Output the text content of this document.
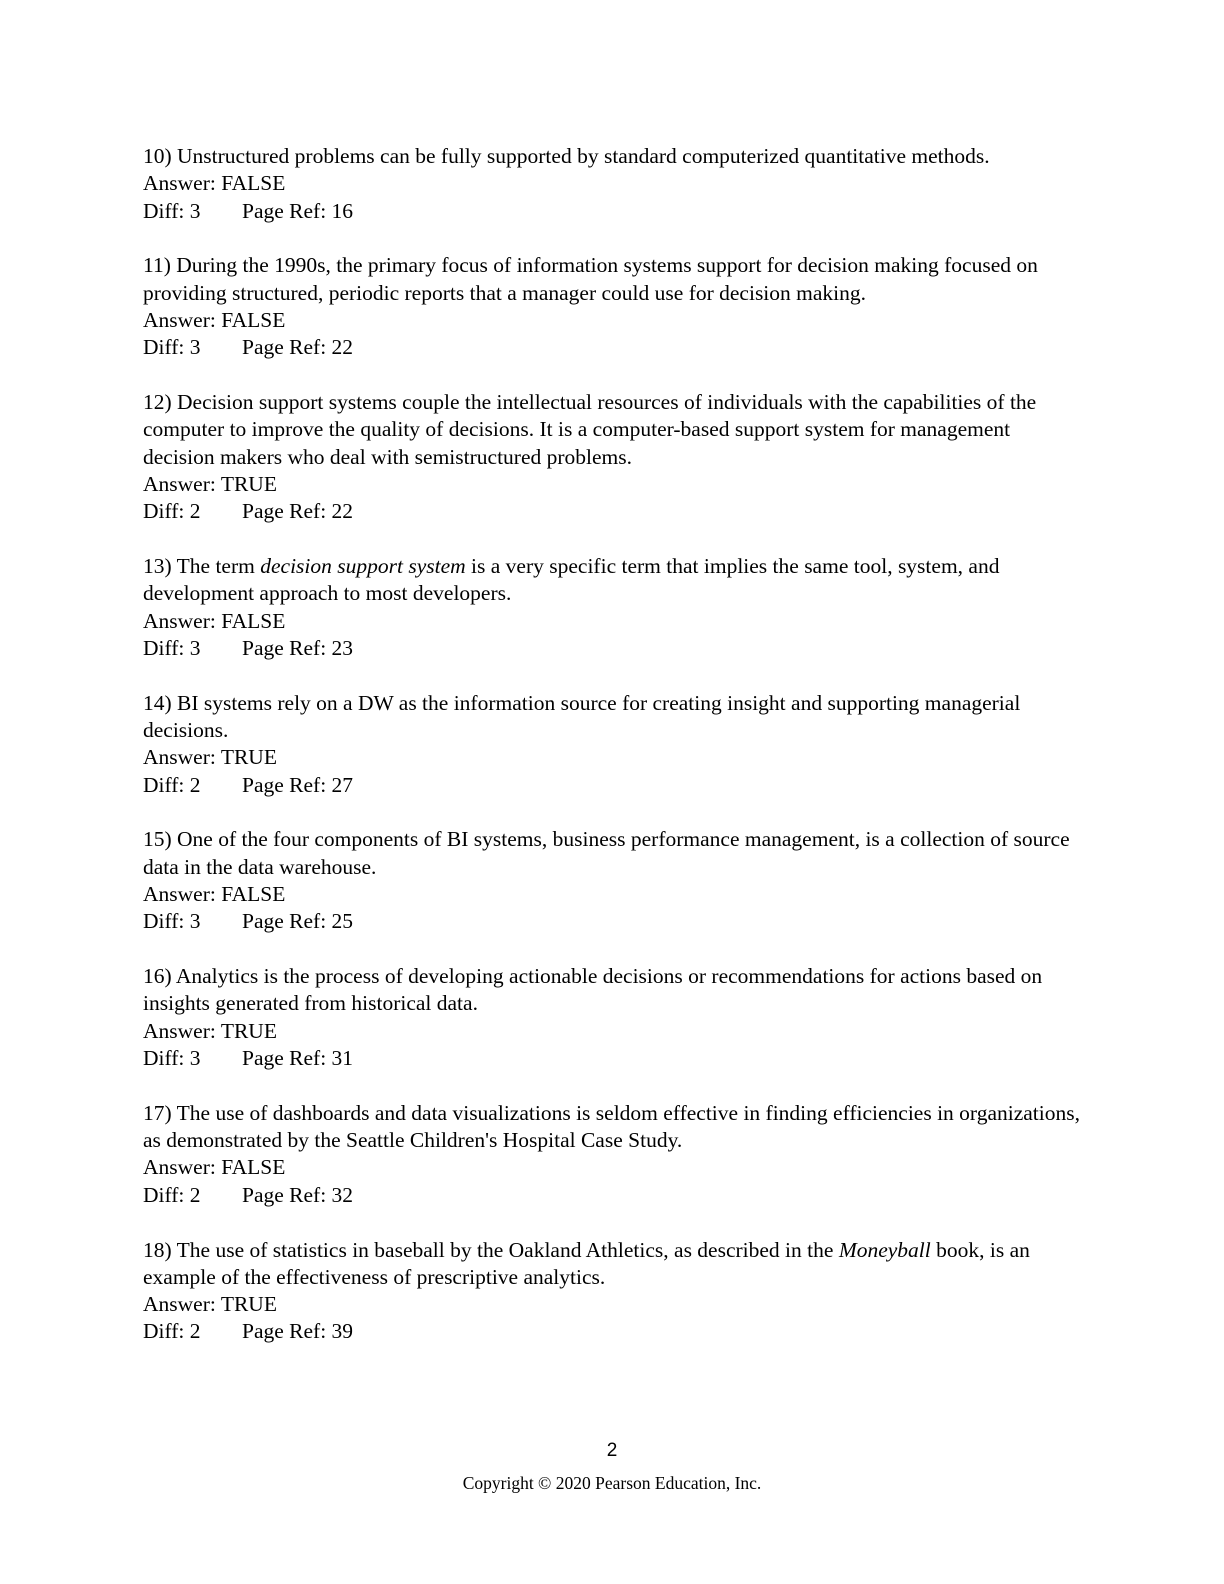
10) Unstructured problems can be fully supported by standard computerized quantitative methods.

Answer: FALSE

Diff: 3 Page Ref: 16

11) During the 1990s, the primary focus of information systems support for decision making focused on providing structured, periodic reports that a manager could use for decision making.

Answer: FALSE

Diff: 3 Page Ref: 22

12) Decision support systems couple the intellectual resources of individuals with the capabilities of the computer to improve the quality of decisions. It is a computer-based support system for management decision makers who deal with semistructured problems.

Answer: TRUE

Diff: 2 Page Ref: 22

13) The term decision support system is a very specific term that implies the same tool, system, and development approach to most developers.

Answer: FALSE

Diff: 3 Page Ref: 23

14) BI systems rely on a DW as the information source for creating insight and supporting managerial decisions.

Answer: TRUE

Diff: 2 Page Ref: 27

15) One of the four components of BI systems, business performance management, is a collection of source data in the data warehouse.

Answer: FALSE

Diff: 3 Page Ref: 25

16) Analytics is the process of developing actionable decisions or recommendations for actions based on insights generated from historical data.

Answer: TRUE

Diff: 3 Page Ref: 31

17) The use of dashboards and data visualizations is seldom effective in finding efficiencies in organizations, as demonstrated by the Seattle Children's Hospital Case Study.

Answer: FALSE

Diff: 2 Page Ref: 32

18) The use of statistics in baseball by the Oakland Athletics, as described in the Moneyball book, is an example of the effectiveness of prescriptive analytics.

Answer: TRUE

Diff: 2 Page Ref: 39

2
Copyright © 2020 Pearson Education, Inc.
